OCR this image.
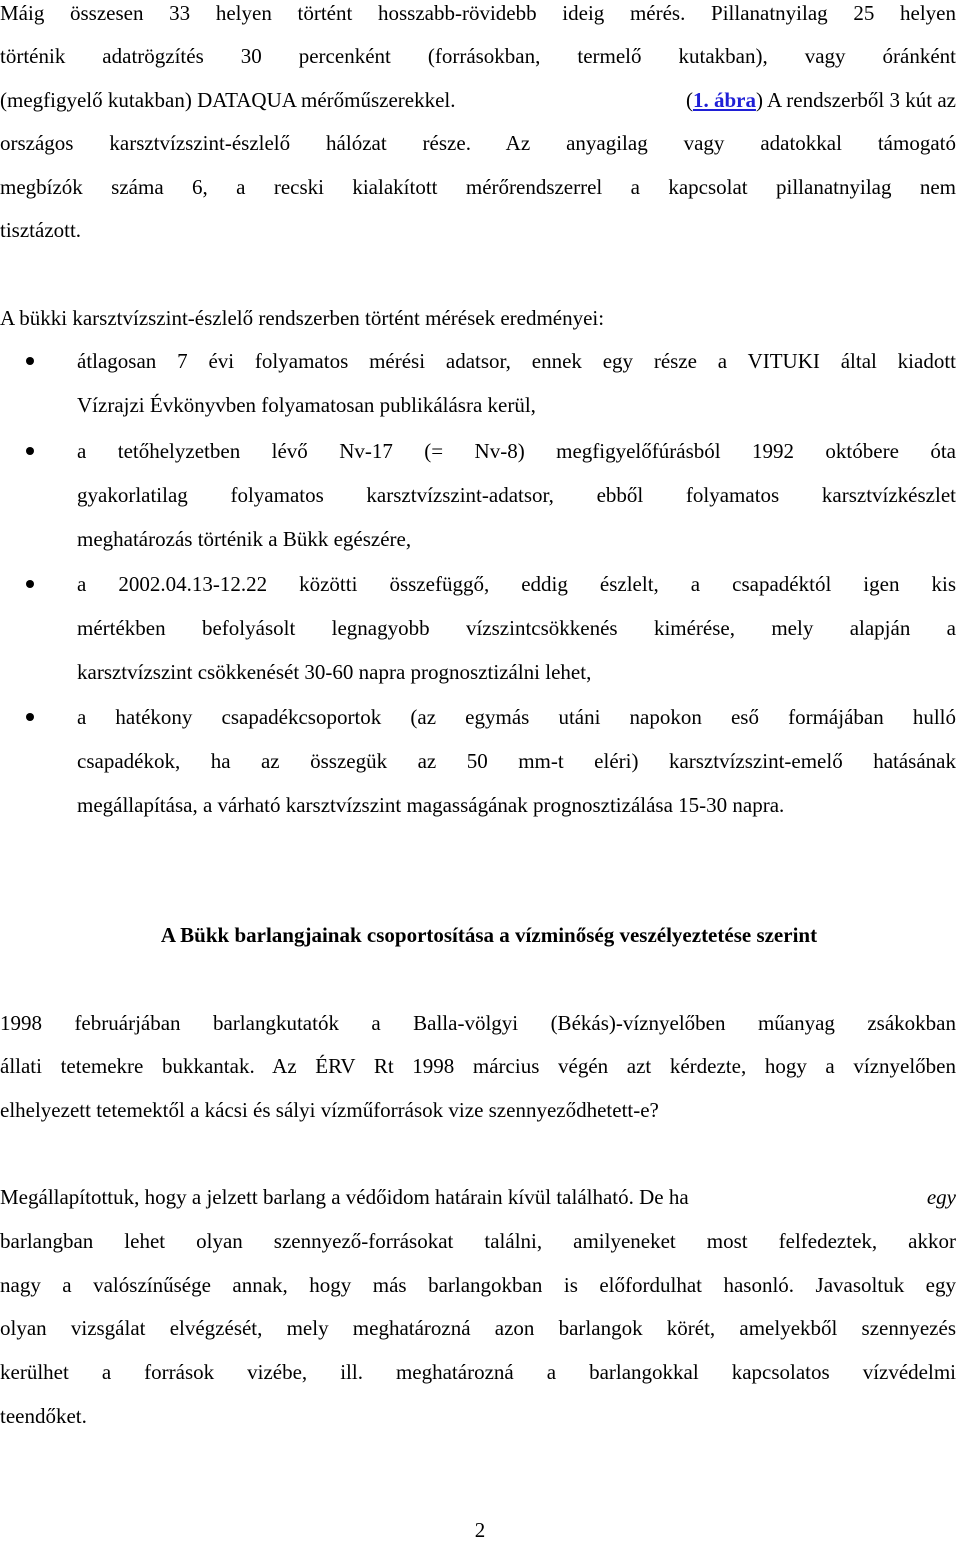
Máig összesen 33 helyen történt hosszabb-rövidebb ideig mérés. Pillanatnyilag 25 helyen
történik adatrögzítés 30 percenként (forrásokban, termelő kutakban), vagy óránként
(megfigyelő kutakban) DATAQUA mérőműszerekkel.	(1. ábra) A rendszerből 3 kút az
országos karsztvízszint-észlelő hálózat része. Az anyagilag vagy adatokkal támogató
megbízók száma 6, a recski kialakított mérőrendszerrel a kapcsolat pillanatnyilag nem
tisztázott.
A bükki karsztvízszint-észlelő rendszerben történt mérések eredményei:
átlagosan 7 évi folyamatos mérési adatsor, ennek egy része a VITUKI által kiadott
Vízrajzi Évkönyvben folyamatosan publikálásra kerül,
a tetőhelyzetben lévő Nv-17 (= Nv-8) megfigyelőfúrásból 1992 októbere óta
gyakorlatilag folyamatos karsztvízszint-adatsor, ebből folyamatos karsztvízkészlet
meghatározás történik a Bükk egészére,
a 2002.04.13-12.22 közötti összefüggő, eddig észlelt, a csapadéktól igen kis
mértékben befolyásolt legnagyobb vízszintcsökkenés kimérése, mely alapján a
karsztvízszint csökkenését 30-60 napra prognosztizálni lehet,
a hatékony csapadékcsoportok (az egymás utáni napokon eső formájában hulló
csapadékok, ha az összegük az 50 mm-t eléri) karsztvízszint-emelő hatásának
megállapítása, a várható karsztvízszint magasságának prognosztizálása 15-30 napra.
A Bükk barlangjainak csoportosítása a vízminőség veszélyeztetése szerint
1998 februárjában barlangkutatók a Balla-völgyi (Békás)-víznyelőben műanyag zsákokban
állati tetemekre bukkantak. Az ÉRV Rt 1998 március végén azt kérdezte, hogy a víznyelőben
elhelyezett tetemektől a kácsi és sályi vízműforrások vize szennyeződhetett-e?
Megállapítottuk, hogy a jelzett barlang a védőidom határain kívül található. De ha	egy
barlangban lehet olyan szennyező-forrásokat találni, amilyeneket most felfedeztek, akkor
nagy a valószínűsége annak, hogy más barlangokban is előfordulhat hasonló. Javasoltuk egy
olyan vizsgálat elvégzését, mely meghatározná azon barlangok körét, amelyekből szennyezés
kerülhet a források vizébe, ill. meghatározná a barlangokkal kapcsolatos vízvédelmi
teendőket.
2
